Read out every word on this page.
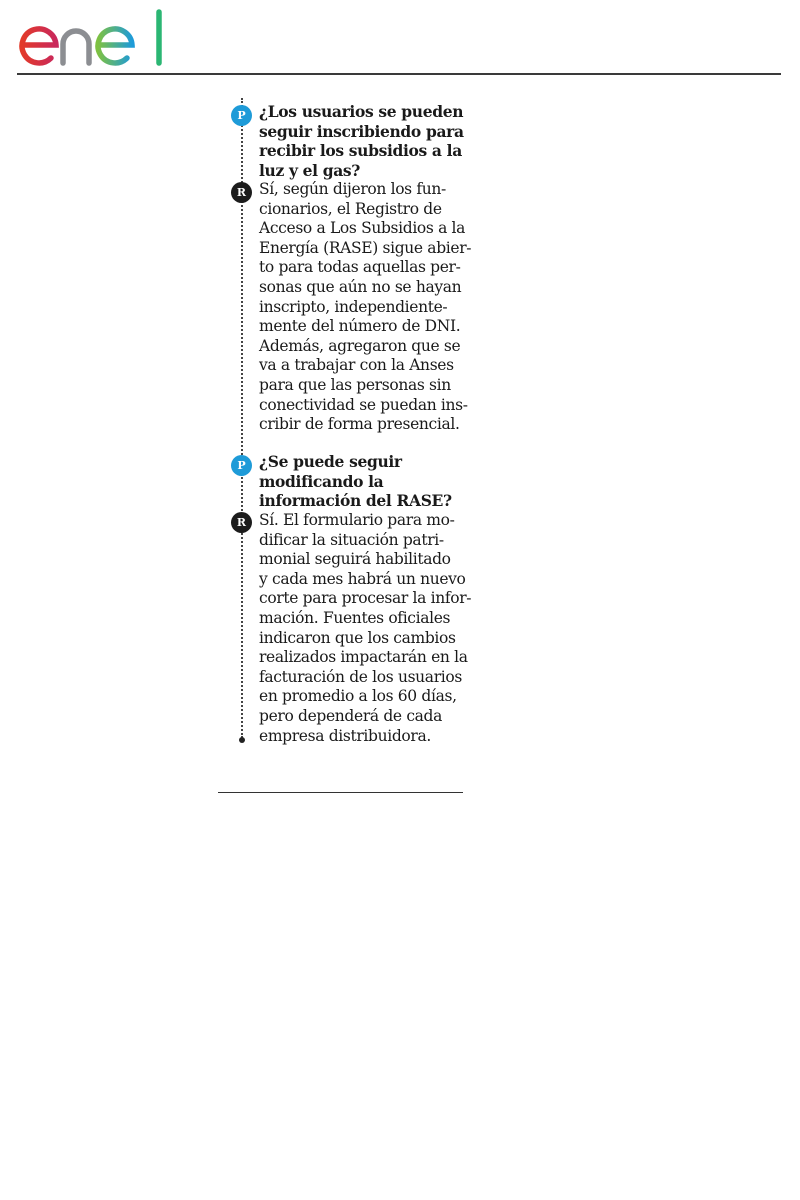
P ¿Los usuarios se pueden
seguir inscribiendo para
recibir los subsidios a la
luz y el gas?
R Sí, según dijeron los fun-
cionarios, el Registro de
Acceso a Los Subsidios a la
Energía (RASE) sigue abier-
to para todas aquellas per-
sonas que aún no se hayan
inscripto, independiente-
mente del número de DNI.
Además, agregaron que se
va a trabajar con la Anses
para que las personas sin
conectividad se puedan ins-
cribir de forma presencial.
P ¿Se puede seguir
modificando la
información del RASE?
R Sí. El formulario para mo-
dificar la situación patri-
monial seguirá habilitado
y cada mes habrá un nuevo
corte para procesar la infor-
mación. Fuentes oficiales
indicaron que los cambios
realizados impactarán en la
facturación de los usuarios
en promedio a los 60 días,
pero dependerá de cada
empresa distribuidora.
